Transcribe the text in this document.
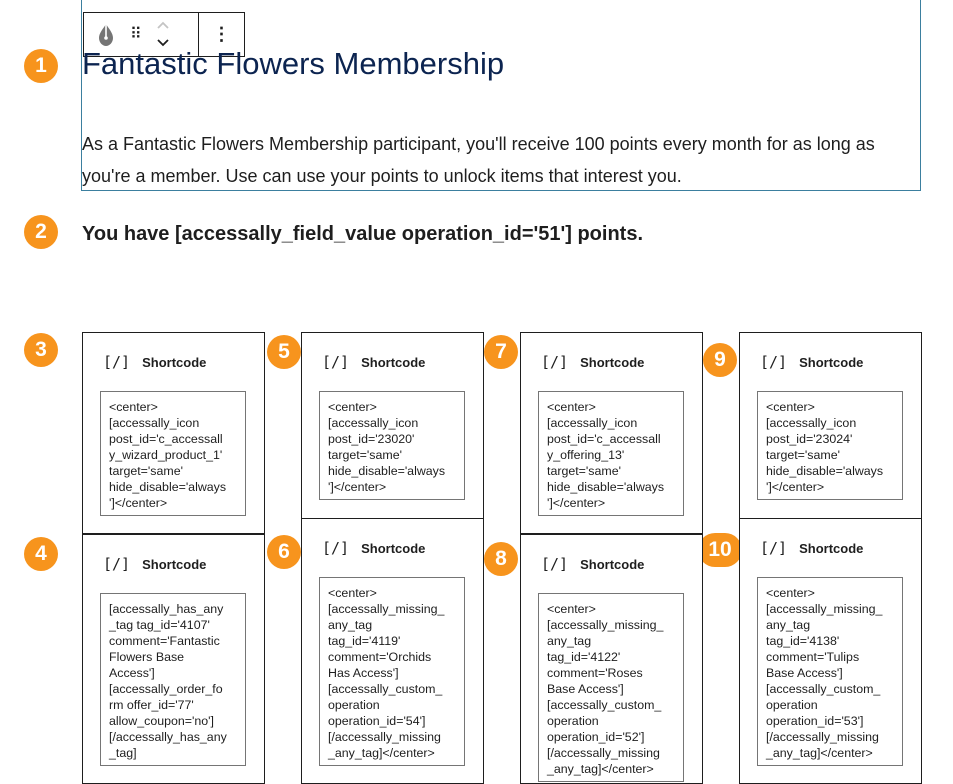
⠿	⋮
Fantastic Flowers Membership

As a Fantastic Flowers Membership participant, you'll receive 100 points every month for as long as you're a member. Use can use your points to unlock items that interest you.

You have [accessally_field_value operation_id='51'] points.

1
2
3
4
5
6
7
8
9
10
[/] Shortcode
<center>
[accessally_icon
post_id='c_accessall
y_wizard_product_1'
target='same'
hide_disable='always
']</center>
[/] Shortcode
[accessally_has_any
_tag tag_id='4107'
comment='Fantastic
Flowers Base
Access']
[accessally_order_fo
rm offer_id='77'
allow_coupon='no']
[/accessally_has_any
_tag]
[/] Shortcode
<center>
[accessally_icon
post_id='23020'
target='same'
hide_disable='always
']</center>
[/] Shortcode
<center>
[accessally_missing_
any_tag
tag_id='4119'
comment='Orchids
Has Access']
[accessally_custom_
operation
operation_id='54']
[/accessally_missing
_any_tag]</center>
[/] Shortcode
<center>
[accessally_icon
post_id='c_accessall
y_offering_13'
target='same'
hide_disable='always
']</center>
[/] Shortcode
<center>
[accessally_missing_
any_tag
tag_id='4122'
comment='Roses
Base Access']
[accessally_custom_
operation
operation_id='52']
[/accessally_missing
_any_tag]</center>
[/] Shortcode
<center>
[accessally_icon
post_id='23024'
target='same'
hide_disable='always
']</center>
[/] Shortcode
<center>
[accessally_missing_
any_tag
tag_id='4138'
comment='Tulips
Base Access']
[accessally_custom_
operation
operation_id='53']
[/accessally_missing
_any_tag]</center>
